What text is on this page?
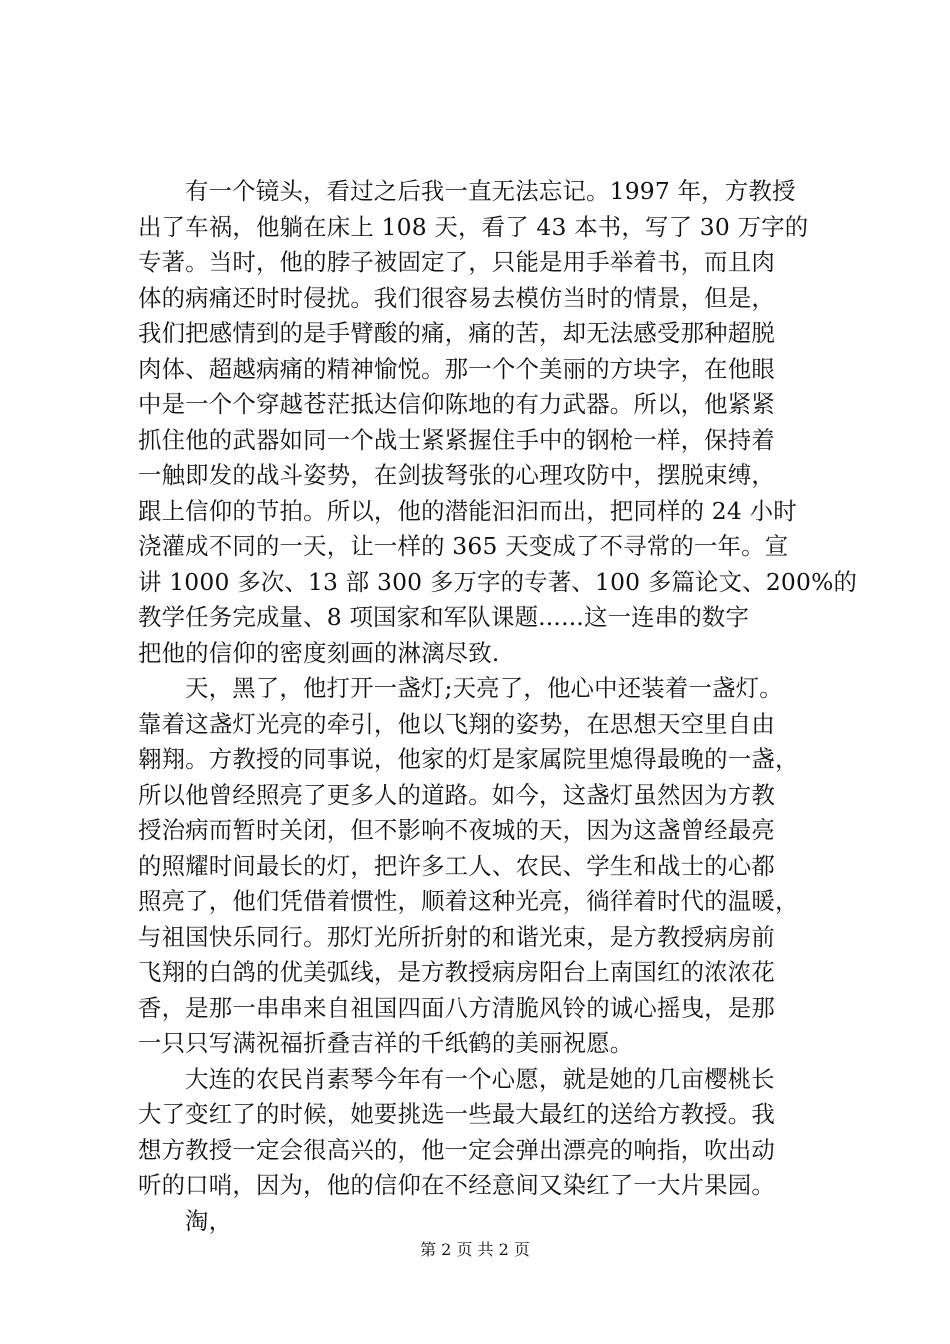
有一个镜头，看过之后我一直无法忘记。1997 年，方教授
出了车祸，他躺在床上 108 天，看了 43 本书，写了 30 万字的
专著。当时，他的脖子被固定了，只能是用手举着书，而且肉
体的病痛还时时侵扰。我们很容易去模仿当时的情景，但是，
我们把感情到的是手臂酸的痛，痛的苦，却无法感受那种超脱
肉体、超越病痛的精神愉悦。那一个个美丽的方块字，在他眼
中是一个个穿越苍茫抵达信仰陈地的有力武器。所以，他紧紧
抓住他的武器如同一个战士紧紧握住手中的钢枪一样，保持着
一触即发的战斗姿势，在剑拔弩张的心理攻防中，摆脱束缚，
跟上信仰的节拍。所以，他的潜能汩汩而出，把同样的 24 小时
浇灌成不同的一天，让一样的 365 天变成了不寻常的一年。宣
讲 1000 多次、13 部 300 多万字的专著、100 多篇论文、200%的
教学任务完成量、8 项国家和军队课题......这一连串的数字
把他的信仰的密度刻画的淋漓尽致.
天，黑了，他打开一盏灯;天亮了，他心中还装着一盏灯。
靠着这盏灯光亮的牵引，他以飞翔的姿势，在思想天空里自由
翱翔。方教授的同事说，他家的灯是家属院里熄得最晚的一盏，
所以他曾经照亮了更多人的道路。如今，这盏灯虽然因为方教
授治病而暂时关闭，但不影响不夜城的天，因为这盏曾经最亮
的照耀时间最长的灯，把许多工人、农民、学生和战士的心都
照亮了，他们凭借着惯性，顺着这种光亮，徜徉着时代的温暖，
与祖国快乐同行。那灯光所折射的和谐光束，是方教授病房前
飞翔的白鸽的优美弧线，是方教授病房阳台上南国红的浓浓花
香，是那一串串来自祖国四面八方清脆风铃的诚心摇曳，是那
一只只写满祝福折叠吉祥的千纸鹤的美丽祝愿。
大连的农民肖素琴今年有一个心愿，就是她的几亩樱桃长
大了变红了的时候，她要挑选一些最大最红的送给方教授。我
想方教授一定会很高兴的，他一定会弹出漂亮的响指，吹出动
听的口哨，因为，他的信仰在不经意间又染红了一大片果园。
淘，
第 2 页 共 2 页
